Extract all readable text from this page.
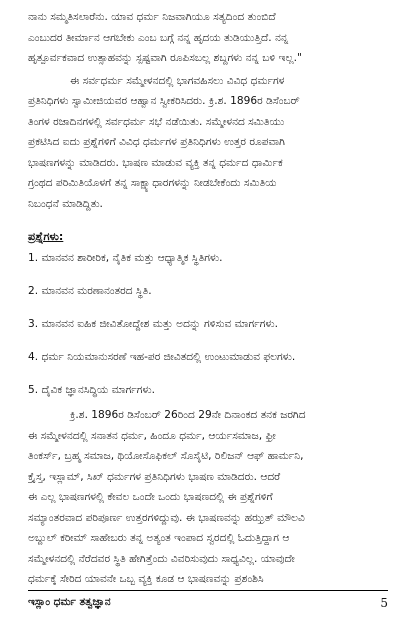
ನಾನು ಸಮ್ಮತಿಸಲಾರೆನು. ಯಾವ ಧರ್ಮ ನಿಜವಾಗಿಯೂ ಸತ್ಯದಿಂದ ತುಂಬಿದೆ

ಎಂಬುದರ ತೀರ್ಮಾನ ಆಗಬೇಕು ಎಂಬ ಬಗ್ಗೆ ನನ್ನ ಹೃದಯ ತುಡಿಯುತ್ತಿದೆ. ನನ್ನ

ಹೃತ್ಪೂರ್ವಕವಾದ ಉತ್ಸಾಹವನ್ನು ಸ್ಪಷ್ಟವಾಗಿ ರೂಪಿಸಬಲ್ಲ ಶಬ್ದಗಳು ನನ್ನ ಬಳಿ ಇಲ್ಲ."

ಈ ಸರ್ವಧರ್ಮ ಸಮ್ಮೇಳನದಲ್ಲಿ ಭಾಗವಹಿಸಲು ವಿವಿಧ ಧರ್ಮಗಳ

ಪ್ರತಿನಿಧಿಗಳು ಸ್ವಾಮೀಜಿಯವರ ಆಹ್ವಾನ ಸ್ವೀಕರಿಸಿದರು. ಕ್ರಿ.ಶ. 1896ರ ಡಿಸೆಂಬರ್

ತಿಂಗಳ ರಜಾದಿನಗಳಲ್ಲಿ ಸರ್ವಧರ್ಮ ಸಭೆ ನಡೆಯಿತು. ಸಮ್ಮೇಳನದ ಸಮಿತಿಯು

ಪ್ರಕಟಿಸಿದ ಐದು ಪ್ರಶ್ನೆಗಳಿಗೆ ವಿವಿಧ ಧರ್ಮಗಳ ಪ್ರತಿನಿಧಿಗಳು ಉತ್ತರ ರೂಪವಾಗಿ

ಭಾಷಣಗಳನ್ನು ಮಾಡಿದರು. ಭಾಷಣ ಮಾಡುವ ವ್ಯಕ್ತಿ ತನ್ನ ಧರ್ಮದ ಧಾರ್ಮಿಕ

ಗ್ರಂಥದ ಪರಿಮಿತಿಯೊಳಗೆ ತನ್ನ ಸಾಕ್ಷ್ಯಾಧಾರಗಳನ್ನು ನೀಡಬೇಕೆಂದು ಸಮಿತಿಯ

ನಿಬಂಧನೆ ಮಾಡಿದ್ದಿತು.

ಪ್ರಶ್ನೆಗಳು:
1. ಮಾನವನ ಶಾರೀರಿಕ, ನೈತಿಕ ಮತ್ತು ಆಧ್ಯಾತ್ಮಿಕ ಸ್ಥಿತಿಗಳು.
2. ಮಾನವನ ಮರಣಾನಂತರದ ಸ್ಥಿತಿ.
3. ಮಾನವನ ಐಹಿಕ ಜೀವಿತೋದ್ದೇಶ ಮತ್ತು ಅದನ್ನು ಗಳಿಸುವ ಮಾರ್ಗಗಳು.
4. ಧರ್ಮ ನಿಯಮಾನುಸರಣೆ ಇಹ-ಪರ ಜೀವಿತದಲ್ಲಿ ಉಂಟುಮಾಡುವ ಫಲಗಳು.
5. ದೈವಿಕ ಜ್ಞಾನಸಿದ್ಧಿಯ ಮಾರ್ಗಗಳು.

ಕ್ರಿ.ಶ. 1896ರ ಡಿಸೆಂಬರ್ 26ರಿಂದ 29ನೇ ದಿನಾಂಕದ ತನಕ ಜರಗಿದ

ಈ ಸಮ್ಮೇಳನದಲ್ಲಿ ಸನಾತನ ಧರ್ಮ, ಹಿಂದೂ ಧರ್ಮ, ಆರ್ಯಸಮಾಜ, ಫ್ರೀ

ತಿಂಕರ್ಸ್, ಬ್ರಹ್ಮ ಸಮಾಜ, ಥಿಯೋಸೊಫಿಕಲ್ ಸೊಸೈಟಿ, ರಿಲಿಜನ್ ಆಫ್ ಹಾರ್ಮನಿ,

ಕ್ರೈಸ್ತ, ಇಸ್ಲಾಮ್, ಸಿಖ್ ಧರ್ಮಗಳ ಪ್ರತಿನಿಧಿಗಳು ಭಾಷಣ ಮಾಡಿದರು. ಆದರೆ

ಈ ಎಲ್ಲ ಭಾಷಣಗಳಲ್ಲಿ ಕೇವಲ ಒಂದೇ ಒಂದು ಭಾಷಣದಲ್ಲಿ ಈ ಪ್ರಶ್ನೆಗಳಿಗೆ

ಸಮ್ಯಾಂತರವಾದ ಪರಿಪೂರ್ಣ ಉತ್ತರಗಳಿದ್ದುವು. ಈ ಭಾಷಣವನ್ನು ಹಝ್ರತ್ ಮೌಲವಿ

ಅಬ್ದುಲ್ ಕರೀಮ್ ಸಾಹೇಬರು ತನ್ನ ಅತ್ಯಂತ ಇಂಪಾದ ಸ್ವರದಲ್ಲಿ ಓದುತ್ತಿದ್ದಾಗ ಆ

ಸಮ್ಮೇಳನದಲ್ಲಿ ನೆರೆದವರ ಸ್ಥಿತಿ ಹೇಗಿತ್ತೆಂದು ವಿವರಿಸುವುದು ಸಾಧ್ಯವಿಲ್ಲ. ಯಾವುದೇ

ಧರ್ಮಕ್ಕೆ ಸೇರಿದ ಯಾವನೇ ಒಬ್ಬ ವ್ಯಕ್ತಿ ಕೂಡ ಆ ಭಾಷಣವನ್ನು ಪ್ರಶಂಶಿಸಿ

ಇಸ್ಲಾಂ ಧರ್ಮ ತತ್ವಜ್ಞಾನ	5
